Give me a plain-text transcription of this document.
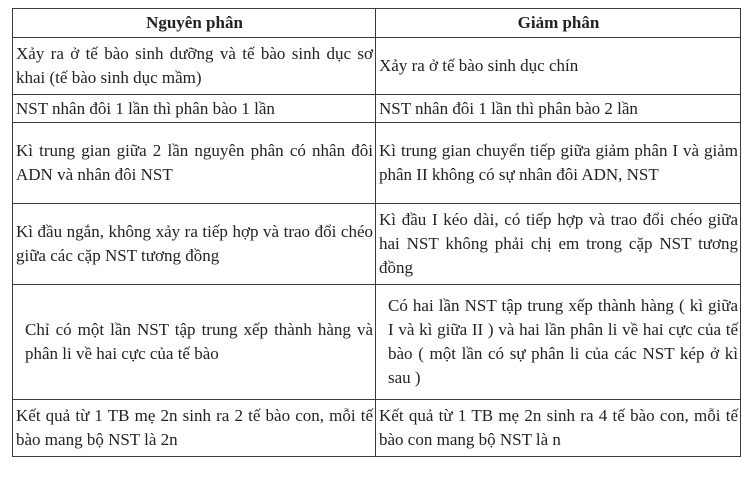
Nguyên phân	Giảm phân
Xảy ra ở tế bào sinh dưỡng và tế bào sinh dục sơ khai (tế bào sinh dục mầm)	Xảy ra ở tế bào sinh dục chín
NST nhân đôi 1 lần thì phân bào 1 lần	NST nhân đôi 1 lần thì phân bào 2 lần
Kì trung gian giữa 2 lần nguyên phân có nhân đôi ADN và nhân đôi NST	Kì trung gian chuyển tiếp giữa giảm phân I và giảm phân II không có sự nhân đôi ADN, NST
Kì đầu ngắn, không xảy ra tiếp hợp và trao đổi chéo giữa các cặp NST tương đồng	Kì đầu I kéo dài, có tiếp hợp và trao đổi chéo giữa hai NST không phải chị em trong cặp NST tương đồng
Chỉ có một lần NST tập trung xếp thành hàng và phân li về hai cực của tế bào	Có hai lần NST tập trung xếp thành hàng ( kì giữa I và kì giữa II ) và hai lần phân li về hai cực của tế bào ( một lần có sự phân li của các NST kép ở kì sau )
Kết quả từ 1 TB mẹ 2n sinh ra 2 tế bào con, mỗi tế bào mang bộ NST là 2n	Kết quả từ 1 TB mẹ 2n sinh ra 4 tế bào con, mỗi tế bào con mang bộ NST là n
